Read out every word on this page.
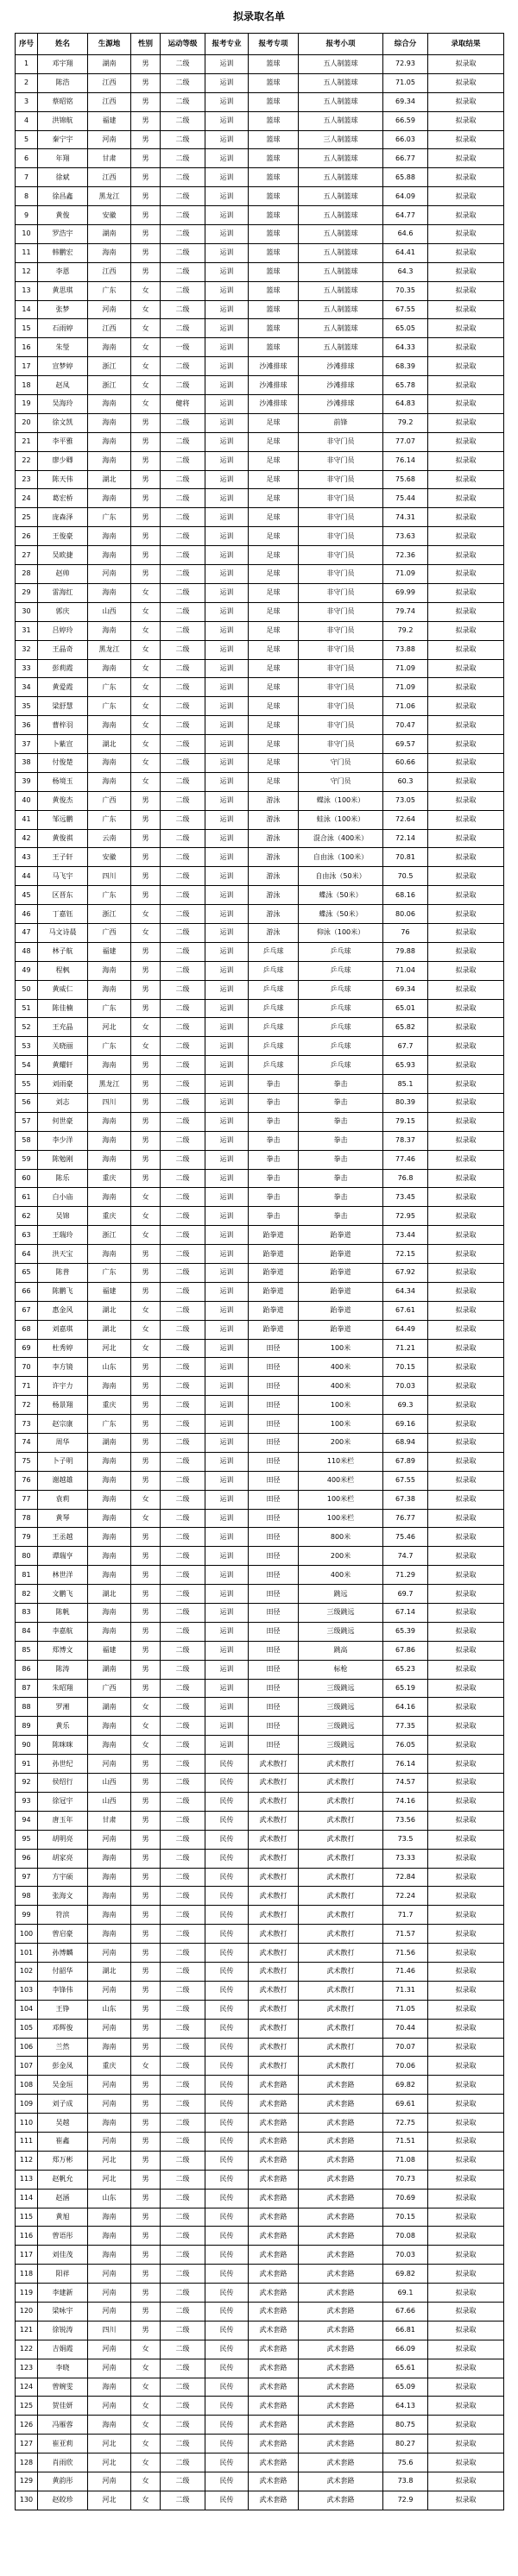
拟录取名单
序号	姓名	生源地	性别	运动等级	报考专业	报考专项	报考小项	综合分	录取结果
1	邓宇翔	湖南	男	二级	运训	篮球	五人制篮球	72.93	拟录取
2	陈浩	江西	男	二级	运训	篮球	五人制篮球	71.05	拟录取
3	蔡昭铭	江西	男	二级	运训	篮球	五人制篮球	69.34	拟录取
4	洪锦航	福建	男	二级	运训	篮球	五人制篮球	66.59	拟录取
5	秦宁宇	河南	男	二级	运训	篮球	三人制篮球	66.03	拟录取
6	年翔	甘肃	男	二级	运训	篮球	五人制篮球	66.77	拟录取
7	徐斌	江西	男	二级	运训	篮球	五人制篮球	65.88	拟录取
8	徐昌鑫	黑龙江	男	二级	运训	篮球	五人制篮球	64.09	拟录取
9	黄俊	安徽	男	二级	运训	篮球	五人制篮球	64.77	拟录取
10	罗浩宇	湖南	男	二级	运训	篮球	五人制篮球	64.6	拟录取
11	韩鹏宏	海南	男	二级	运训	篮球	五人制篮球	64.41	拟录取
12	李恩	江西	男	二级	运训	篮球	五人制篮球	64.3	拟录取
13	黄思琪	广东	女	二级	运训	篮球	五人制篮球	70.35	拟录取
14	张梦	河南	女	二级	运训	篮球	五人制篮球	67.55	拟录取
15	石雨婷	江西	女	二级	运训	篮球	五人制篮球	65.05	拟录取
16	朱瑩	海南	女	一级	运训	篮球	五人制篮球	64.33	拟录取
17	宣梦婷	浙江	女	二级	运训	沙滩排球	沙滩排球	68.39	拟录取
18	赵凤	浙江	女	二级	运训	沙滩排球	沙滩排球	65.78	拟录取
19	吴海玲	海南	女	健将	运训	沙滩排球	沙滩排球	64.83	拟录取
20	徐文凯	海南	男	二级	运训	足球	前锋	79.2	拟录取
21	李平雅	海南	男	二级	运训	足球	非守门员	77.07	拟录取
22	廖少卿	海南	男	二级	运训	足球	非守门员	76.14	拟录取
23	陈天伟	湖北	男	二级	运训	足球	非守门员	75.68	拟录取
24	葛宏桥	海南	男	二级	运训	足球	非守门员	75.44	拟录取
25	庞森泽	广东	男	二级	运训	足球	非守门员	74.31	拟录取
26	王俊豪	海南	男	二级	运训	足球	非守门员	73.63	拟录取
27	吴欧捷	海南	男	二级	运训	足球	非守门员	72.36	拟录取
28	赵帅	河南	男	二级	运训	足球	非守门员	71.09	拟录取
29	雷海红	海南	女	二级	运训	足球	非守门员	69.99	拟录取
30	郭庆	山西	女	二级	运训	足球	非守门员	79.74	拟录取
31	吕婷玲	海南	女	二级	运训	足球	非守门员	79.2	拟录取
32	王晶奇	黑龙江	女	二级	运训	足球	非守门员	73.88	拟录取
33	彭莉霞	海南	女	二级	运训	足球	非守门员	71.09	拟录取
34	黄爱霞	广东	女	二级	运训	足球	非守门员	71.09	拟录取
35	梁舒慧	广东	女	二级	运训	足球	非守门员	71.06	拟录取
36	曹梓羽	海南	女	二级	运训	足球	非守门员	70.47	拟录取
37	卜紫宣	湖北	女	二级	运训	足球	非守门员	69.57	拟录取
38	付俊楚	海南	女	二级	运训	足球	守门员	60.66	拟录取
39	杨境玉	海南	女	二级	运训	足球	守门员	60.3	拟录取
40	黄俊杰	广西	男	二级	运训	游泳	蝶泳（100米）	73.05	拟录取
41	邹远鹏	广东	男	二级	运训	游泳	蛙泳（100米）	72.64	拟录取
42	黄俊祺	云南	男	二级	运训	游泳	混合泳（400米）	72.14	拟录取
43	王子轩	安徽	男	二级	运训	游泳	自由泳（100米）	70.81	拟录取
44	马飞宇	四川	男	二级	运训	游泳	自由泳（50米）	70.5	拟录取
45	区晋东	广东	男	二级	运训	游泳	蝶泳（50米）	68.16	拟录取
46	丁嘉钰	浙江	女	二级	运训	游泳	蝶泳（50米）	80.06	拟录取
47	马文诗晨	广西	女	二级	运训	游泳	仰泳（100米）	76	拟录取
48	林子航	福建	男	二级	运训	乒乓球	乒乓球	79.88	拟录取
49	程枫	海南	男	二级	运训	乒乓球	乒乓球	71.04	拟录取
50	黄威仁	海南	男	二级	运训	乒乓球	乒乓球	69.34	拟录取
51	陈佳楠	广东	男	二级	运训	乒乓球	乒乓球	65.01	拟录取
52	王充晶	河北	女	二级	运训	乒乓球	乒乓球	65.82	拟录取
53	关晓丽	广东	女	二级	运训	乒乓球	乒乓球	67.7	拟录取
54	黄耀轩	海南	男	二级	运训	乒乓球	乒乓球	65.93	拟录取
55	刘雨豪	黑龙江	男	二级	运训	拳击	拳击	85.1	拟录取
56	刘志	四川	男	二级	运训	拳击	拳击	80.39	拟录取
57	何世豪	海南	男	二级	运训	拳击	拳击	79.15	拟录取
58	李少洋	海南	男	二级	运训	拳击	拳击	78.37	拟录取
59	陈勉刚	海南	男	二级	运训	拳击	拳击	77.46	拟录取
60	陈乐	重庆	男	二级	运训	拳击	拳击	76.8	拟录取
61	白小庙	海南	女	二级	运训	拳击	拳击	73.45	拟录取
62	吴锦	重庆	女	二级	运训	拳击	拳击	72.95	拟录取
63	王瑞玲	浙江	女	二级	运训	跆拳道	跆拳道	73.44	拟录取
64	洪天宝	海南	男	二级	运训	跆拳道	跆拳道	72.15	拟录取
65	陈普	广东	男	二级	运训	跆拳道	跆拳道	67.92	拟录取
66	陈鹏飞	福建	男	二级	运训	跆拳道	跆拳道	64.34	拟录取
67	惠金风	湖北	女	二级	运训	跆拳道	跆拳道	67.61	拟录取
68	刘嘉琪	湖北	女	二级	运训	跆拳道	跆拳道	64.49	拟录取
69	杜秀婷	河北	女	二级	运训	田径	100米	71.21	拟录取
70	李方镜	山东	男	二级	运训	田径	400米	70.15	拟录取
71	许宇力	海南	男	二级	运训	田径	400米	70.03	拟录取
72	杨景翔	重庆	男	二级	运训	田径	100米	69.3	拟录取
73	赵宗康	广东	男	二级	运训	田径	100米	69.16	拟录取
74	周华	湖南	男	二级	运训	田径	200米	68.94	拟录取
75	卜子明	海南	男	二级	运训	田径	110米栏	67.89	拟录取
76	谢越雄	海南	男	二级	运训	田径	400米栏	67.55	拟录取
77	袁莉	海南	女	二级	运训	田径	100米栏	67.38	拟录取
78	黄琴	海南	女	二级	运训	田径	100米栏	76.77	拟录取
79	王丞越	海南	男	二级	运训	田径	800米	75.46	拟录取
80	谭瑞亨	海南	男	二级	运训	田径	200米	74.7	拟录取
81	林世洋	海南	男	二级	运训	田径	400米	71.29	拟录取
82	文鹏飞	湖北	男	二级	运训	田径	跳远	69.7	拟录取
83	陈帆	海南	男	二级	运训	田径	三级跳远	67.14	拟录取
84	李嘉航	海南	男	二级	运训	田径	三级跳远	65.39	拟录取
85	郑博文	福建	男	二级	运训	田径	跳高	67.86	拟录取
86	陈涛	湖南	男	二级	运训	田径	标枪	65.23	拟录取
87	朱昭翔	广西	男	二级	运训	田径	三级跳远	65.19	拟录取
88	罗湘	湖南	女	二级	运训	田径	三级跳远	64.16	拟录取
89	黄乐	海南	女	二级	运训	田径	三级跳远	77.35	拟录取
90	陈咪咪	海南	女	二级	运训	田径	三级跳远	76.05	拟录取
91	孙世纪	河南	男	二级	民传	武术散打	武术散打	76.14	拟录取
92	侯绍行	山西	男	二级	民传	武术散打	武术散打	74.57	拟录取
93	徐冠宇	山西	男	二级	民传	武术散打	武术散打	74.16	拟录取
94	唐玉年	甘肃	男	二级	民传	武术散打	武术散打	73.56	拟录取
95	胡明亮	河南	男	二级	民传	武术散打	武术散打	73.5	拟录取
96	胡家亮	海南	男	二级	民传	武术散打	武术散打	73.33	拟录取
97	方宇硕	海南	男	二级	民传	武术散打	武术散打	72.84	拟录取
98	张海文	海南	男	二级	民传	武术散打	武术散打	72.24	拟录取
99	符滨	海南	男	二级	民传	武术散打	武术散打	71.7	拟录取
100	曾启豪	海南	男	二级	民传	武术散打	武术散打	71.57	拟录取
101	孙博麟	河南	男	二级	民传	武术散打	武术散打	71.56	拟录取
102	付韶华	湖北	男	二级	民传	武术散打	武术散打	71.46	拟录取
103	李锋伟	河南	男	二级	民传	武术散打	武术散打	71.31	拟录取
104	王铮	山东	男	二级	民传	武术散打	武术散打	71.05	拟录取
105	邓辉俊	河南	男	二级	民传	武术散打	武术散打	70.44	拟录取
106	兰然	海南	男	二级	民传	武术散打	武术散打	70.07	拟录取
107	彭金凤	重庆	女	二级	民传	武术散打	武术散打	70.06	拟录取
108	吴金垣	河南	男	二级	民传	武术套路	武术套路	69.82	拟录取
109	刘子成	河南	男	二级	民传	武术套路	武术套路	69.61	拟录取
110	吴越	海南	男	二级	民传	武术套路	武术套路	72.75	拟录取
111	崔鑫	河南	男	二级	民传	武术套路	武术套路	71.51	拟录取
112	郑万彬	河北	男	二级	民传	武术套路	武术套路	71.08	拟录取
113	赵帆允	河北	男	二级	民传	武术套路	武术套路	70.73	拟录取
114	赵涵	山东	男	二级	民传	武术套路	武术套路	70.69	拟录取
115	黄旭	海南	男	二级	民传	武术套路	武术套路	70.15	拟录取
116	曾语彤	海南	男	二级	民传	武术套路	武术套路	70.08	拟录取
117	刘佳茂	海南	男	二级	民传	武术套路	武术套路	70.03	拟录取
118	阳祥	河南	男	二级	民传	武术套路	武术套路	69.82	拟录取
119	李建新	河南	男	二级	民传	武术套路	武术套路	69.1	拟录取
120	梁咏宇	河南	男	二级	民传	武术套路	武术套路	67.66	拟录取
121	徐锐涛	四川	男	二级	民传	武术套路	武术套路	66.81	拟录取
122	吉娟霞	河南	女	二级	民传	武术套路	武术套路	66.09	拟录取
123	李晓	河南	女	二级	民传	武术套路	武术套路	65.61	拟录取
124	曾婉雯	海南	女	二级	民传	武术套路	武术套路	65.09	拟录取
125	贺佳妍	河南	女	二级	民传	武术套路	武术套路	64.13	拟录取
126	冯雁蓉	海南	女	二级	民传	武术套路	武术套路	80.75	拟录取
127	崔亚莉	河北	女	二级	民传	武术套路	武术套路	80.27	拟录取
128	肖雨欣	河北	女	二级	民传	武术套路	武术套路	75.6	拟录取
129	黄韵彤	河南	女	二级	民传	武术套路	武术套路	73.8	拟录取
130	赵皎珍	河北	女	二级	民传	武术套路	武术套路	72.9	拟录取
